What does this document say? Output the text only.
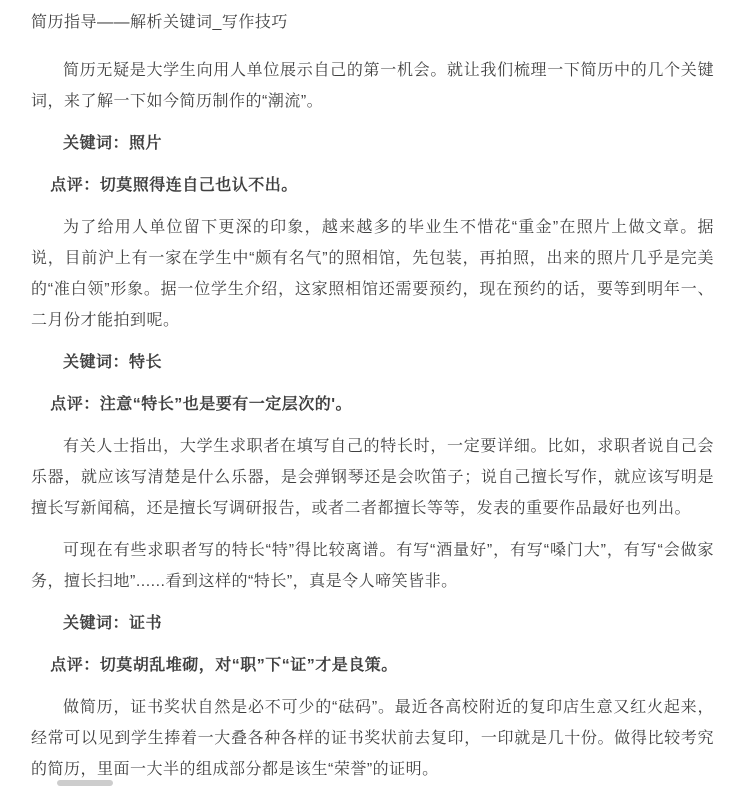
简历指导——解析关键词_写作技巧

简历无疑是大学生向用人单位展示自己的第一机会。就让我们梳理一下简历中的几个关键词，来了解一下如今简历制作的“潮流”。

关键词：照片

点评：切莫照得连自己也认不出。

为了给用人单位留下更深的印象，越来越多的毕业生不惜花“重金”在照片上做文章。据说，目前沪上有一家在学生中“颇有名气”的照相馆，先包装，再拍照，出来的照片几乎是完美的“准白领”形象。据一位学生介绍，这家照相馆还需要预约，现在预约的话，要等到明年一、二月份才能拍到呢。

关键词：特长

点评：注意“特长”也是要有一定层次的'。

有关人士指出，大学生求职者在填写自己的特长时，一定要详细。比如，求职者说自己会乐器，就应该写清楚是什么乐器，是会弹钢琴还是会吹笛子；说自己擅长写作，就应该写明是擅长写新闻稿，还是擅长写调研报告，或者二者都擅长等等，发表的重要作品最好也列出。

可现在有些求职者写的特长“特”得比较离谱。有写“酒量好”，有写“嗓门大”，有写“会做家务，擅长扫地”......看到这样的“特长”，真是令人啼笑皆非。

关键词：证书

点评：切莫胡乱堆砌，对“职”下“证”才是良策。

做简历，证书奖状自然是必不可少的“砝码”。最近各高校附近的复印店生意又红火起来，经常可以见到学生捧着一大叠各种各样的证书奖状前去复印，一印就是几十份。做得比较考究的简历，里面一大半的组成部分都是该生“荣誉”的证明。
